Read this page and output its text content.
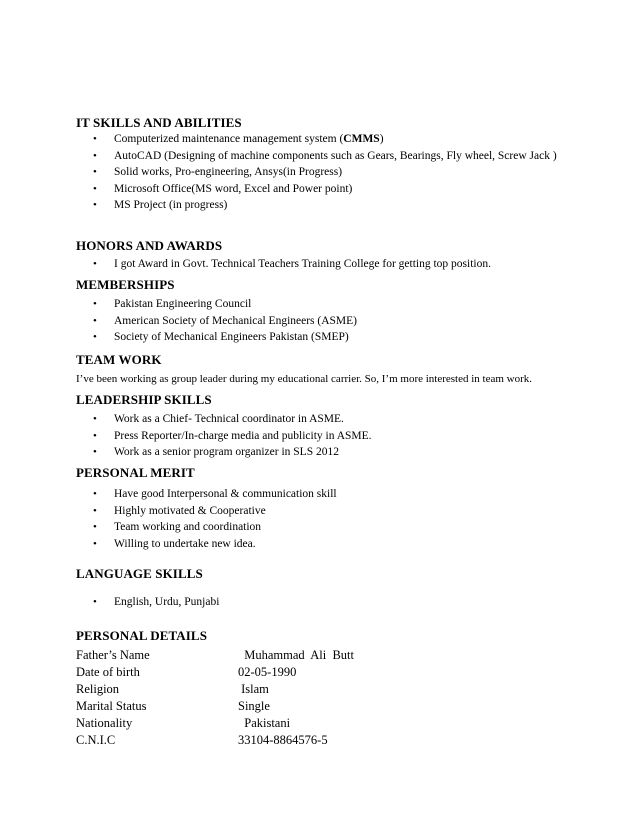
IT SKILLS AND ABILITIES
•	Computerized maintenance management system (CMMS)
•	AutoCAD (Designing of machine components such as Gears, Bearings, Fly wheel, Screw Jack )
•	Solid works, Pro-engineering, Ansys(in Progress)
•	Microsoft Office(MS word, Excel and Power point)
•	MS Project (in progress)
HONORS AND AWARDS
•	I got Award in Govt. Technical Teachers Training College for getting top position.
MEMBERSHIPS
•	Pakistan Engineering Council
•	American Society of Mechanical Engineers (ASME)
•	Society of Mechanical Engineers Pakistan (SMEP)
TEAM WORK
I’ve been working as group leader during my educational carrier. So, I’m more interested in team work.
LEADERSHIP SKILLS
•	Work as a Chief- Technical coordinator in ASME.
•	Press Reporter/In-charge media and publicity in ASME.
•	Work as a senior program organizer in SLS 2012
PERSONAL MERIT
•	Have good Interpersonal & communication skill
•	Highly motivated & Cooperative
•	Team working and coordination
•	Willing to undertake new idea.
LANGUAGE SKILLS
•	English, Urdu, Punjabi
PERSONAL DETAILS
Father’s Name	Muhammad  Ali  Butt
Date of birth	02-05-1990
Religion	Islam
Marital Status	Single
Nationality	Pakistani
C.N.I.C	33104-8864576-5
